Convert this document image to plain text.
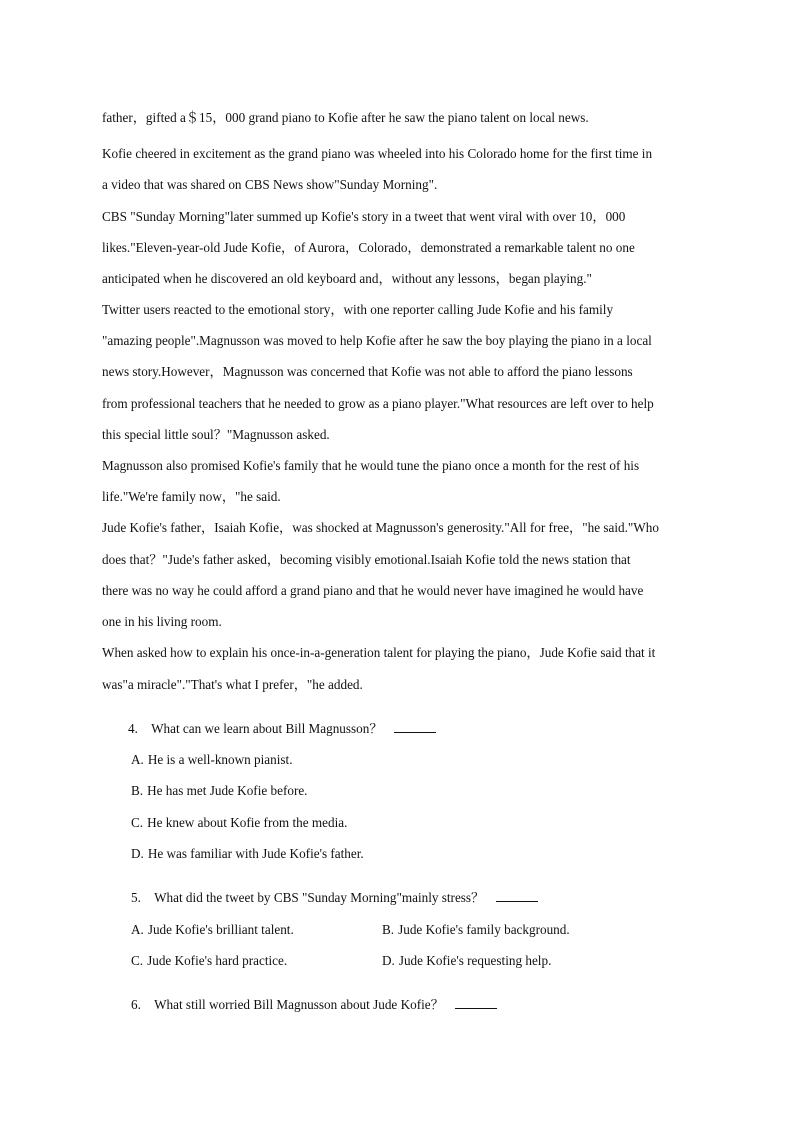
father，gifted a＄15，000 grand piano to Kofie after he saw the piano talent on local news.
Kofie cheered in excitement as the grand piano was wheeled into his Colorado home for the first time in
a video that was shared on CBS News show"Sunday Morning".
CBS "Sunday Morning"later summed up Kofie's story in a tweet that went viral with over 10，000
likes."Eleven-year-old Jude Kofie，of Aurora，Colorado，demonstrated a remarkable talent no one
anticipated when he discovered an old keyboard and，without any lessons，began playing."
Twitter users reacted to the emotional story，with one reporter calling Jude Kofie and his family
"amazing people".Magnusson was moved to help Kofie after he saw the boy playing the piano in a local
news story.However，Magnusson was concerned that Kofie was not able to afford the piano lessons
from professional teachers that he needed to grow as a piano player."What resources are left over to help
this special little soul？"Magnusson asked.
Magnusson also promised Kofie's family that he would tune the piano once a month for the rest of his
life."We're family now，"he said.
Jude Kofie's father，Isaiah Kofie，was shocked at Magnusson's generosity."All for free，"he said."Who
does that？"Jude's father asked，becoming visibly emotional.Isaiah Kofie told the news station that
there was no way he could afford a grand piano and that he would never have imagined he would have
one in his living room.
When asked how to explain his once-in-a-generation talent for playing the piano，Jude Kofie said that it
was"a miracle"."That's what I prefer，"he added.
4. What can we learn about Bill Magnusson？
A. He is a well-known pianist.
B. He has met Jude Kofie before.
C. He knew about Kofie from the media.
D. He was familiar with Jude Kofie's father.
5. What did the tweet by CBS "Sunday Morning"mainly stress？
A. Jude Kofie's brilliant talent.	B. Jude Kofie's family background.
C. Jude Kofie's hard practice.	D. Jude Kofie's requesting help.
6. What still worried Bill Magnusson about Jude Kofie？
